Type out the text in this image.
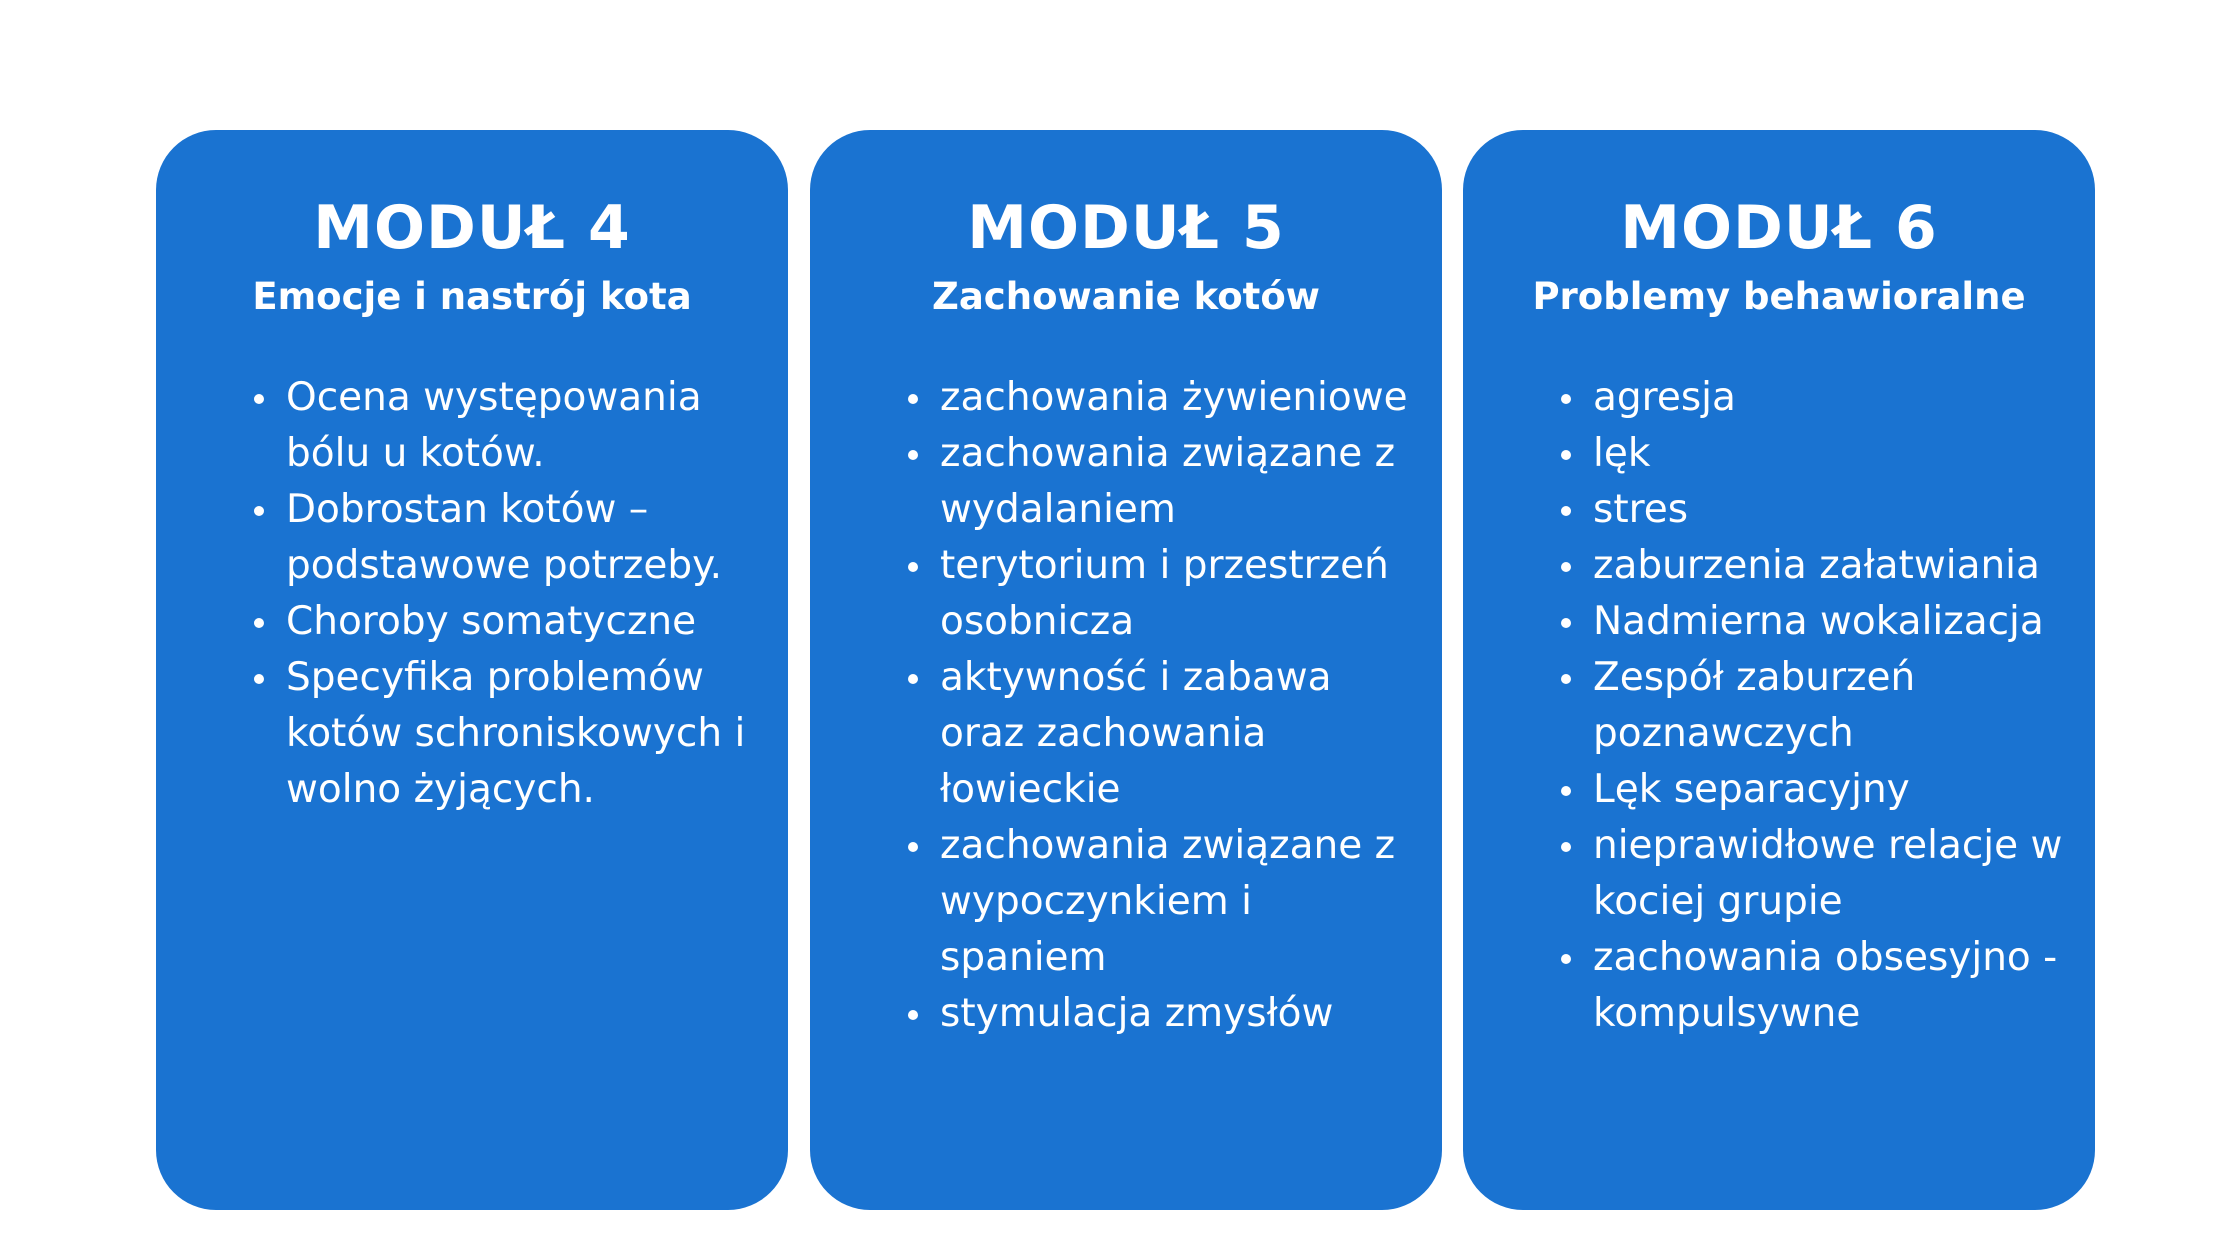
MODUŁ 4
Emocje i nastrój kota
Ocena występowania bólu u kotów.
Dobrostan kotów – podstawowe potrzeby.
Choroby somatyczne
Specyfika problemów kotów schroniskowych i wolno żyjących.
MODUŁ 5
Zachowanie kotów
zachowania żywieniowe
zachowania związane z wydalaniem
terytorium i przestrzeń osobnicza
aktywność i zabawa oraz zachowania łowieckie
zachowania związane z wypoczynkiem i spaniem
stymulacja zmysłów
MODUŁ 6
Problemy behawioralne
agresja
lęk
stres
zaburzenia załatwiania
Nadmierna wokalizacja
Zespół zaburzeń poznawczych
Lęk separacyjny
nieprawidłowe relacje w kociej grupie
zachowania obsesyjno - kompulsywne
